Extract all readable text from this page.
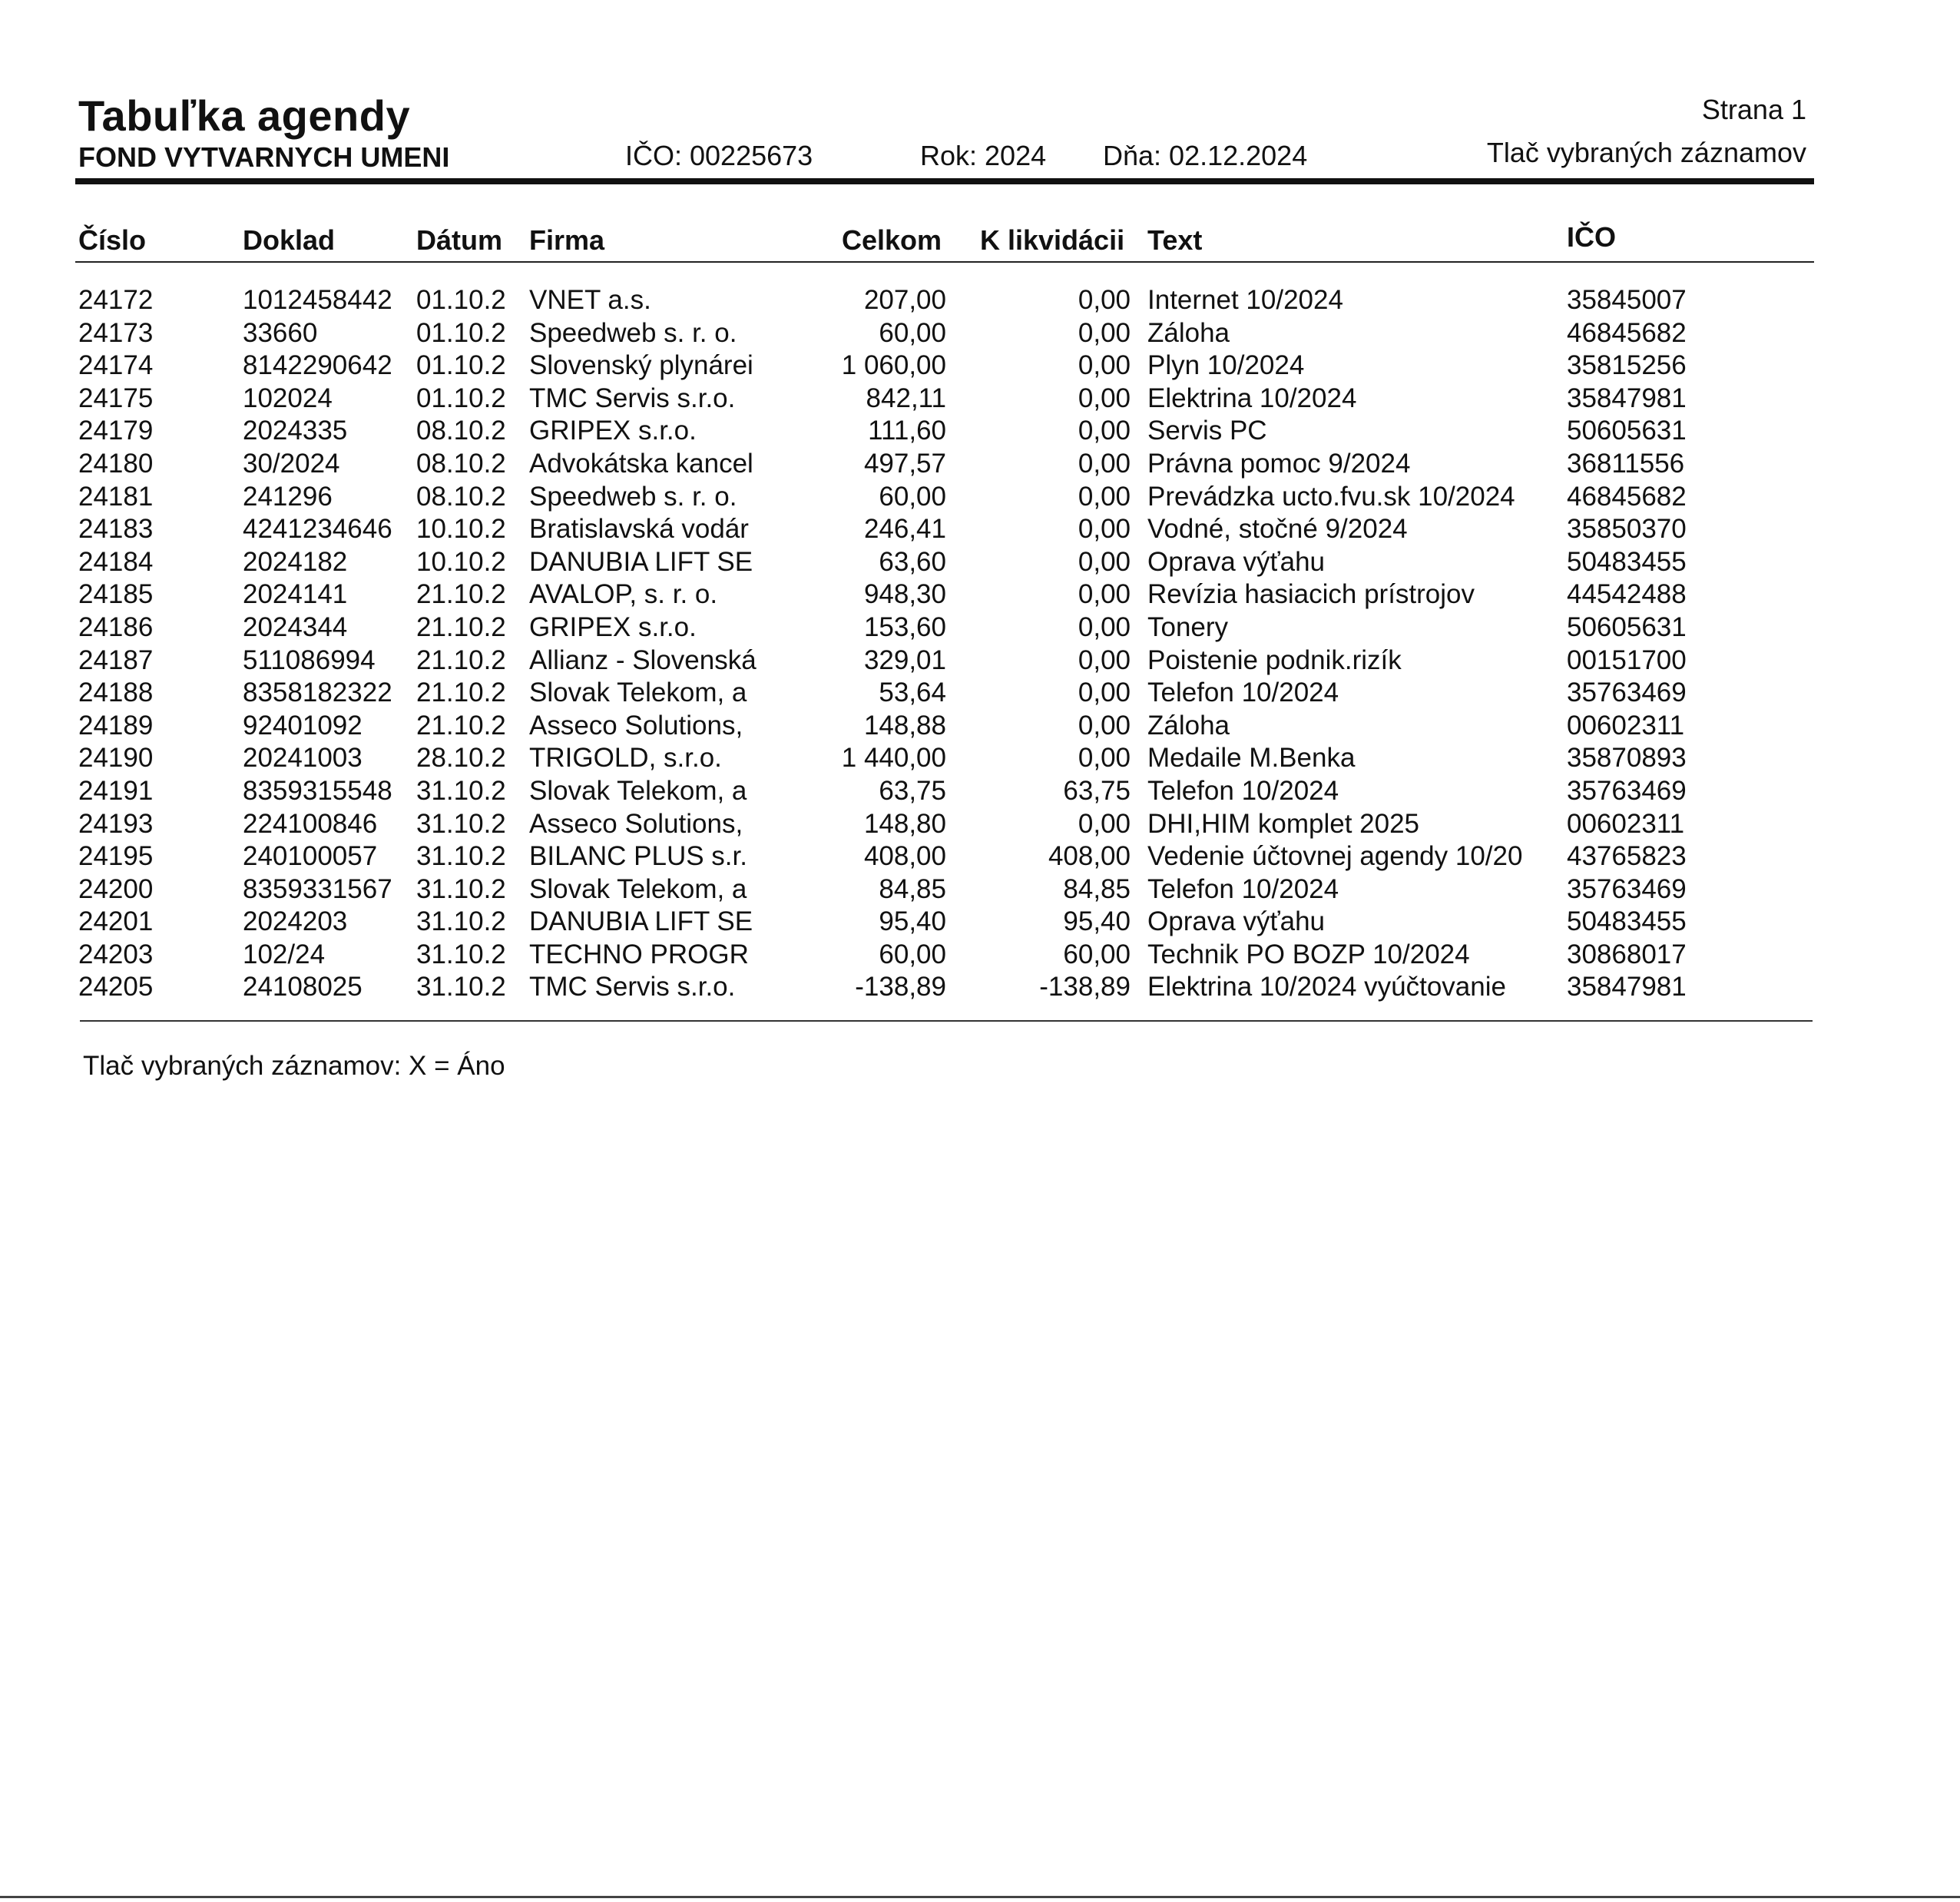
Tabuľka agendy
FOND VYTVARNYCH UMENI	IČO: 00225673	Rok: 2024 Dňa: 02.12.2024
Strana 1
Tlač vybraných záznamov
Číslo	Doklad	Dátum Firma	Celkom K likvidácii Text	IČO
24172	1012458442 01.10.2 VNET a.s.	207,00	0,00 Internet 10/2024	35845007
24173	33660	01.10.2 Speedweb s. r. o.	60,00	0,00 Záloha	46845682
24174	8142290642 01.10.2 Slovenský plynárei	1 060,00	0,00 Plyn 10/2024	35815256
24175	102024	01.10.2 TMC Servis s.r.o.	842,11	0,00 Elektrina 10/2024	35847981
24179	2024335	08.10.2 GRIPEX s.r.o.	111,60	0,00 Servis PC	50605631
24180	30/2024	08.10.2 Advokátska kancel	497,57	0,00 Právna pomoc 9/2024	36811556
24181	241296	08.10.2 Speedweb s. r. o.	60,00	0,00 Prevádzka ucto.fvu.sk 10/2024	46845682
24183	4241234646 10.10.2 Bratislavská vodár	246,41	0,00 Vodné, stočné 9/2024	35850370
24184	2024182	10.10.2 DANUBIA LIFT SE	63,60	0,00 Oprava výťahu	50483455
24185	2024141	21.10.2 AVALOP, s. r. o.	948,30	0,00 Revízia hasiacich prístrojov	44542488
24186	2024344	21.10.2 GRIPEX s.r.o.	153,60	0,00 Tonery	50605631
24187	511086994	21.10.2 Allianz - Slovenská	329,01	0,00 Poistenie podnik.rizík	00151700
24188	8358182322 21.10.2 Slovak Telekom, a	53,64	0,00 Telefon 10/2024	35763469
24189	92401092	21.10.2 Asseco Solutions,	148,88	0,00 Záloha	00602311
24190	20241003	28.10.2 TRIGOLD, s.r.o.	1 440,00	0,00 Medaile M.Benka	35870893
24191	8359315548 31.10.2 Slovak Telekom, a	63,75	63,75 Telefon 10/2024	35763469
24193	224100846	31.10.2 Asseco Solutions,	148,80	0,00 DHI,HIM komplet 2025	00602311
24195	240100057	31.10.2 BILANC PLUS s.r.	408,00	408,00 Vedenie účtovnej agendy 10/20	43765823
24200	8359331567 31.10.2 Slovak Telekom, a	84,85	84,85 Telefon 10/2024	35763469
24201	2024203	31.10.2 DANUBIA LIFT SE	95,40	95,40 Oprava výťahu	50483455
24203	102/24	31.10.2 TECHNO PROGR	60,00	60,00 Technik PO BOZP 10/2024	30868017
24205	24108025	31.10.2 TMC Servis s.r.o.	-138,89	-138,89 Elektrina 10/2024 vyúčtovanie	35847981
Tlač vybraných záznamov: X = Áno
